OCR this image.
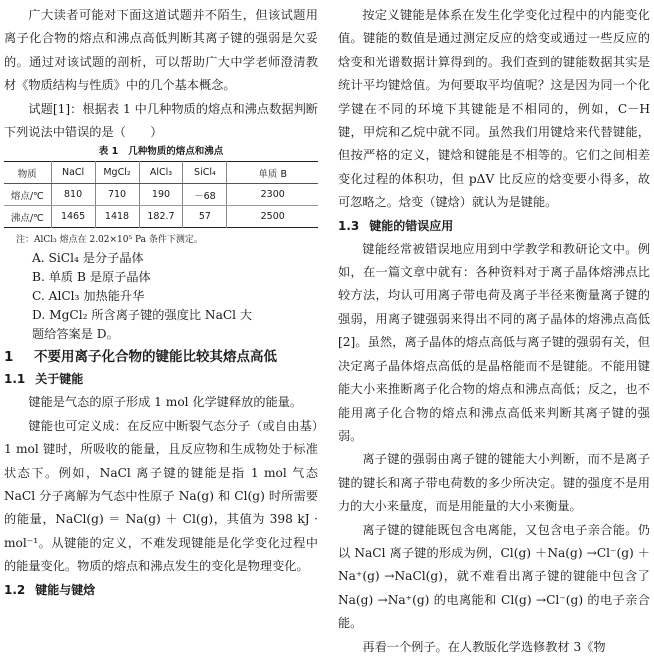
广大读者可能对下面这道试题并不陌生，但该试题用离子化合物的熔点和沸点高低判断其离子键的强弱是欠妥的。通过对该试题的剖析，可以帮助广大中学老师澄清教材《物质结构与性质》中的几个基本概念。

试题[1]：根据表 1 中几种物质的熔点和沸点数据判断下列说法中错误的是（　　）

表 1 几种物质的熔点和沸点
物质	NaCl	MgCl₂	AlCl₃	SiCl₄	单质 B
熔点/℃	810	710	190	－68	2300
沸点/℃	1465	1418	182.7	57	2500

注：AlCl₃ 熔点在 2.02×10⁵ Pa 条件下测定。

A. SiCl₄ 是分子晶体

B. 单质 B 是原子晶体

C. AlCl₃ 加热能升华

D. MgCl₂ 所含离子键的强度比 NaCl 大

题给答案是 D。

1	不要用离子化合物的键能比较其熔点高低
1.1 关于键能

键能是气态的原子形成 1 mol 化学键释放的能量。

键能也可定义成：在反应中断裂气态分子（或自由基）1 mol 键时，所吸收的能量，且反应物和生成物处于标准状态下。例如，NaCl 离子键的键能是指 1 mol 气态 NaCl 分子离解为气态中性原子 Na(g) 和 Cl(g) 时所需要的能量，NaCl(g) ＝ Na(g) ＋ Cl(g)，其值为 398 kJ · mol⁻¹。从键能的定义，不难发现键能是化学变化过程中的能量变化。物质的熔点和沸点发生的变化是物理变化。

1.2 键能与键焓

按定义键能是体系在发生化学变化过程中的内能变化值。键能的数值是通过测定反应的焓变或通过一些反应的焓变和光谱数据计算得到的。我们查到的键能数据其实是统计平均键焓值。为何要取平均值呢？这是因为同一个化学键在不同的环境下其键能是不相同的，例如，C－H 键，甲烷和乙烷中就不同。虽然我们用键焓来代替键能，但按严格的定义，键焓和键能是不相等的。它们之间相差变化过程的体积功，但 pΔV 比反应的焓变要小得多，故可忽略之。焓变（键焓）就认为是键能。

1.3 键能的错误应用

键能经常被错误地应用到中学教学和教研论文中。例如，在一篇文章中就有：各种资料对于离子晶体熔沸点比较方法，均认可用离子带电荷及离子半径来衡量离子键的强弱，用离子键强弱来得出不同的离子晶体的熔沸点高低[2]。虽然，离子晶体的熔点高低与离子键的强弱有关，但决定离子晶体熔点高低的是晶格能而不是键能。不能用键能大小来推断离子化合物的熔点和沸点高低；反之，也不能用离子化合物的熔点和沸点高低来判断其离子键的强弱。

离子键的强弱由离子键的键能大小判断，而不是离子键的键长和离子带电荷数的多少所决定。键的强度不是用力的大小来量度，而是用能量的大小来衡量。

离子键的键能既包含电离能，又包含电子亲合能。仍以 NaCl 离子键的形成为例，Cl(g) ＋Na(g) →Cl⁻(g) ＋Na⁺(g) →NaCl(g)，就不难看出离子键的键能中包含了 Na(g) →Na⁺(g) 的电离能和 Cl(g) →Cl⁻(g) 的电子亲合能。

再看一个例子。在人教版化学选修教材 3《物
